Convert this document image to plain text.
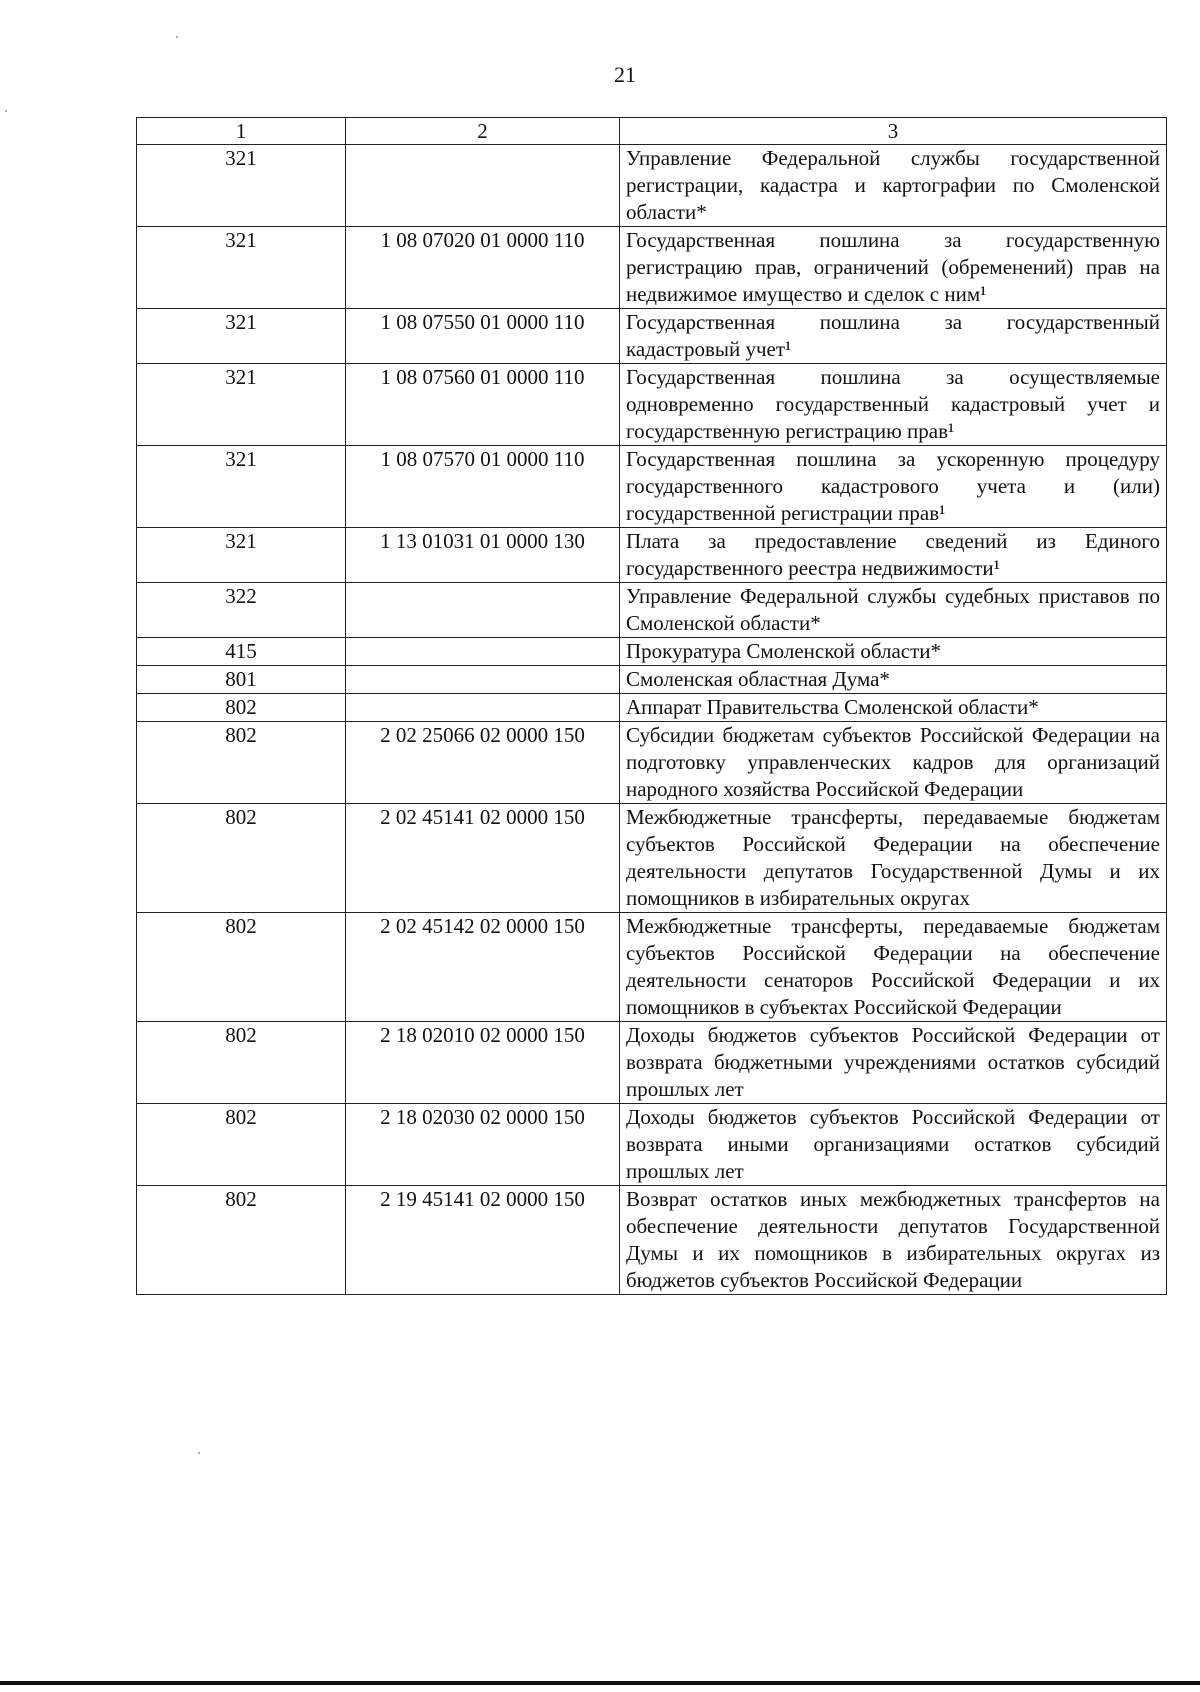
21
1	2	3
321		Управление Федеральной службы государственной регистрации, кадастра и картографии по Смоленской области*
321	1 08 07020 01 0000 110	Государственная пошлина за государственную регистрацию прав, ограничений (обременений) прав на недвижимое имущество и сделок с ним¹
321	1 08 07550 01 0000 110	Государственная пошлина за государственный кадастровый учет¹
321	1 08 07560 01 0000 110	Государственная пошлина за осуществляемые одновременно государственный кадастровый учет и государственную регистрацию прав¹
321	1 08 07570 01 0000 110	Государственная пошлина за ускоренную процедуру государственного кадастрового учета и (или) государственной регистрации прав¹
321	1 13 01031 01 0000 130	Плата за предоставление сведений из Единого государственного реестра недвижимости¹
322		Управление Федеральной службы судебных приставов по Смоленской области*
415		Прокуратура Смоленской области*
801		Смоленская областная Дума*
802		Аппарат Правительства Смоленской области*
802	2 02 25066 02 0000 150	Субсидии бюджетам субъектов Российской Федерации на подготовку управленческих кадров для организаций народного хозяйства Российской Федерации
802	2 02 45141 02 0000 150	Межбюджетные трансферты, передаваемые бюджетам субъектов Российской Федерации на обеспечение деятельности депутатов Государственной Думы и их помощников в избирательных округах
802	2 02 45142 02 0000 150	Межбюджетные трансферты, передаваемые бюджетам субъектов Российской Федерации на обеспечение деятельности сенаторов Российской Федерации и их помощников в субъектах Российской Федерации
802	2 18 02010 02 0000 150	Доходы бюджетов субъектов Российской Федерации от возврата бюджетными учреждениями остатков субсидий прошлых лет
802	2 18 02030 02 0000 150	Доходы бюджетов субъектов Российской Федерации от возврата иными организациями остатков субсидий прошлых лет
802	2 19 45141 02 0000 150	Возврат остатков иных межбюджетных трансфертов на обеспечение деятельности депутатов Государственной Думы и их помощников в избирательных округах из бюджетов субъектов Российской Федерации
